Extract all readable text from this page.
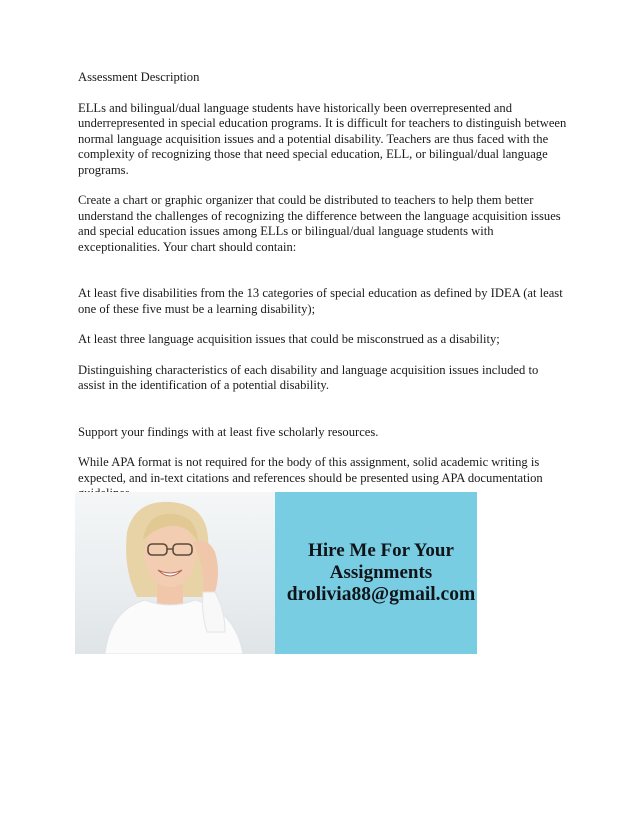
Assessment Description

ELLs and bilingual/dual language students have historically been overrepresented and underrepresented in special education programs. It is difficult for teachers to distinguish between normal language acquisition issues and a potential disability. Teachers are thus faced with the complexity of recognizing those that need special education, ELL, or bilingual/dual language programs.

Create a chart or graphic organizer that could be distributed to teachers to help them better understand the challenges of recognizing the difference between the language acquisition issues and special education issues among ELLs or bilingual/dual language students with exceptionalities. Your chart should contain:

At least five disabilities from the 13 categories of special education as defined by IDEA (at least one of these five must be a learning disability);

At least three language acquisition issues that could be misconstrued as a disability;

Distinguishing characteristics of each disability and language acquisition issues included to assist in the identification of a potential disability.

Support your findings with at least five scholarly resources.

While APA format is not required for the body of this assignment, solid academic writing is expected, and in-text citations and references should be presented using APA documentation

Hire Me For Your
Assignments
drolivia88@gmail.com
